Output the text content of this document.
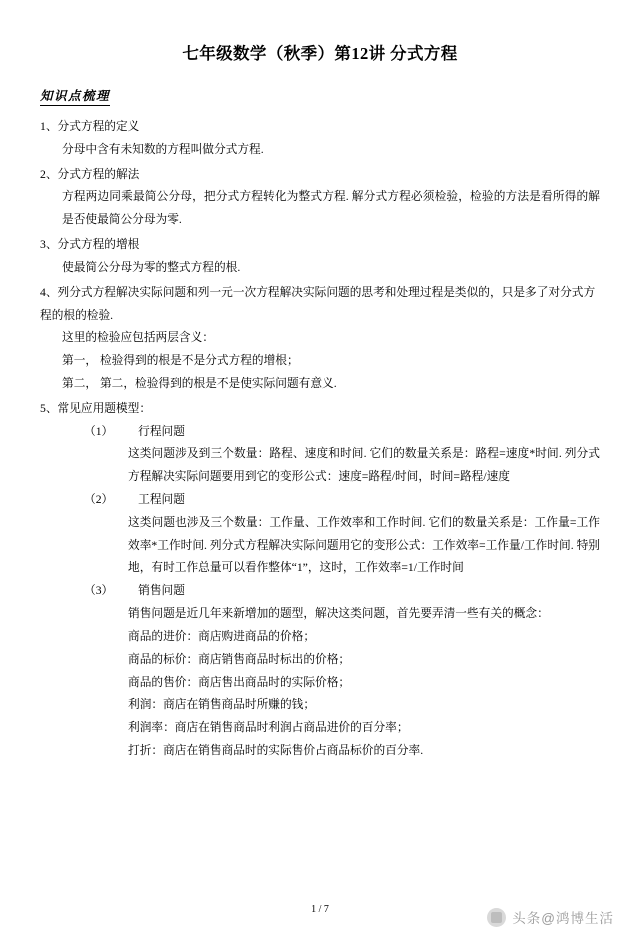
七年级数学（秋季）第12讲 分式方程
知识点梳理
1、分式方程的定义
分母中含有未知数的方程叫做分式方程.
2、分式方程的解法
方程两边同乘最简公分母，把分式方程转化为整式方程. 解分式方程必须检验，检验的方法是看所得的解是否使最简公分母为零.
3、分式方程的增根
使最简公分母为零的整式方程的根.
4、列分式方程解决实际问题和列一元一次方程解决实际问题的思考和处理过程是类似的，只是多了对分式方程的根的检验.
这里的检验应包括两层含义：
第一， 检验得到的根是不是分式方程的增根；
第二， 第二，检验得到的根是不是使实际问题有意义.
5、常见应用题模型：
（1） 行程问题
这类问题涉及到三个数量：路程、速度和时间. 它们的数量关系是：路程=速度*时间. 列分式方程解决实际问题要用到它的变形公式：速度=路程/时间，时间=路程/速度
（2） 工程问题
这类问题也涉及三个数量：工作量、工作效率和工作时间. 它们的数量关系是：工作量=工作效率*工作时间. 列分式方程解决实际问题用它的变形公式：工作效率=工作量/工作时间. 特别地，有时工作总量可以看作整体“1”，这时，工作效率=1/工作时间
（3） 销售问题
销售问题是近几年来新增加的题型，解决这类问题，首先要弄清一些有关的概念：
商品的进价：商店购进商品的价格；
商品的标价：商店销售商品时标出的价格；
商品的售价：商店售出商品时的实际价格；
利润：商店在销售商品时所赚的钱；
利润率：商店在销售商品时利润占商品进价的百分率；
打折：商店在销售商品时的实际售价占商品标价的百分率.
1 / 7
头条@鸿博生活
